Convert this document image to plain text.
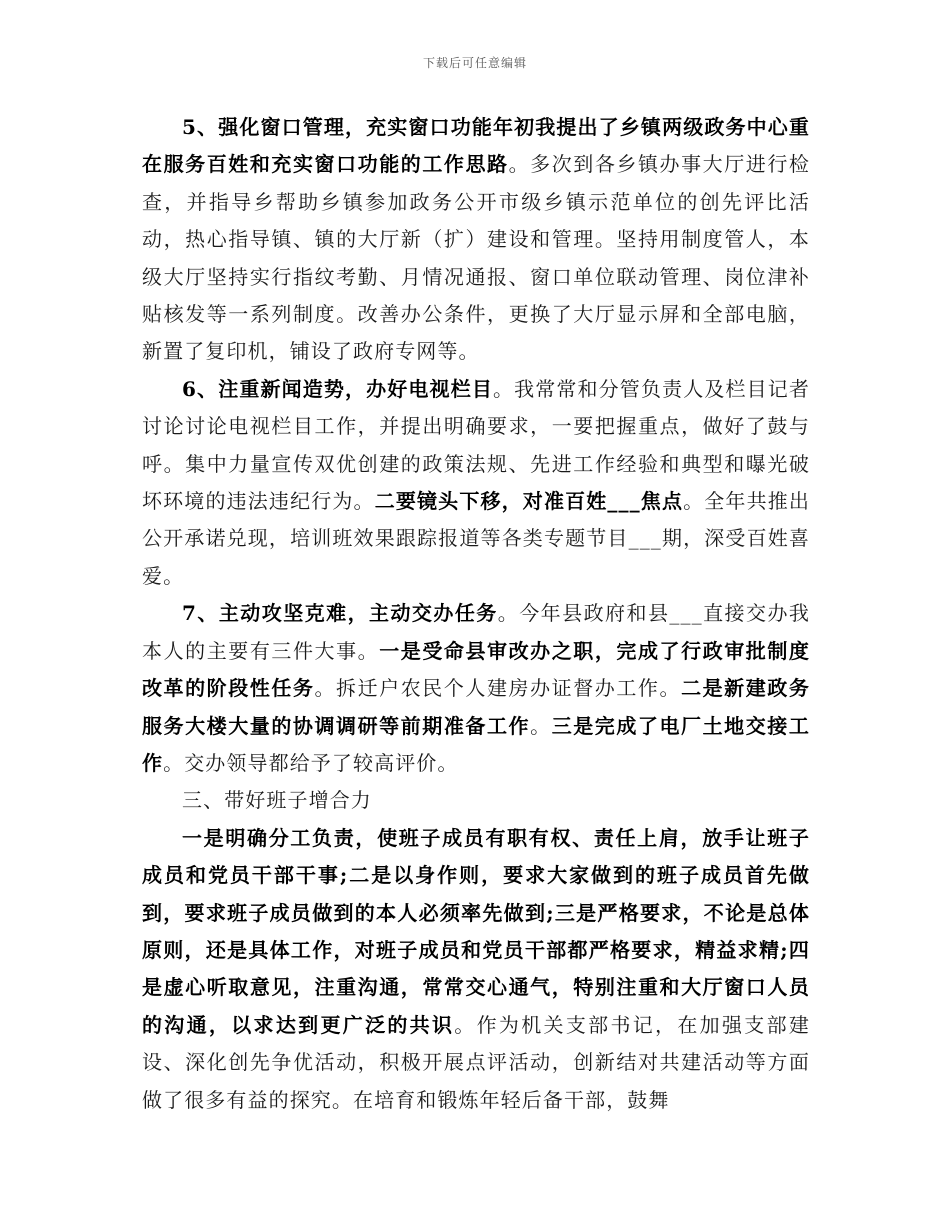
下载后可任意编辑

5、强化窗口管理，充实窗口功能年初我提出了乡镇两级政务中心重在服务百姓和充实窗口功能的工作思路。多次到各乡镇办事大厅进行检查，并指导乡帮助乡镇参加政务公开市级乡镇示范单位的创先评比活动，热心指导镇、镇的大厅新（扩）建设和管理。坚持用制度管人，本级大厅坚持实行指纹考勤、月情况通报、窗口单位联动管理、岗位津补贴核发等一系列制度。改善办公条件，更换了大厅显示屏和全部电脑，新置了复印机，铺设了政府专网等。

6、注重新闻造势，办好电视栏目。我常常和分管负责人及栏目记者讨论讨论电视栏目工作，并提出明确要求，一要把握重点，做好了鼓与呼。集中力量宣传双优创建的政策法规、先进工作经验和典型和曝光破坏环境的违法违纪行为。二要镜头下移，对准百姓___焦点。全年共推出公开承诺兑现，培训班效果跟踪报道等各类专题节目___期，深受百姓喜爱。

7、主动攻坚克难，主动交办任务。今年县政府和县___直接交办我本人的主要有三件大事。一是受命县审改办之职，完成了行政审批制度改革的阶段性任务。拆迁户农民个人建房办证督办工作。二是新建政务服务大楼大量的协调调研等前期准备工作。三是完成了电厂土地交接工作。交办领导都给予了较高评价。

三、带好班子增合力

一是明确分工负责，使班子成员有职有权、责任上肩，放手让班子成员和党员干部干事;二是以身作则，要求大家做到的班子成员首先做到，要求班子成员做到的本人必须率先做到;三是严格要求，不论是总体原则，还是具体工作，对班子成员和党员干部都严格要求，精益求精;四是虚心听取意见，注重沟通，常常交心通气，特别注重和大厅窗口人员的沟通，以求达到更广泛的共识。作为机关支部书记，在加强支部建设、深化创先争优活动，积极开展点评活动，创新结对共建活动等方面做了很多有益的探究。在培育和锻炼年轻后备干部，鼓舞
